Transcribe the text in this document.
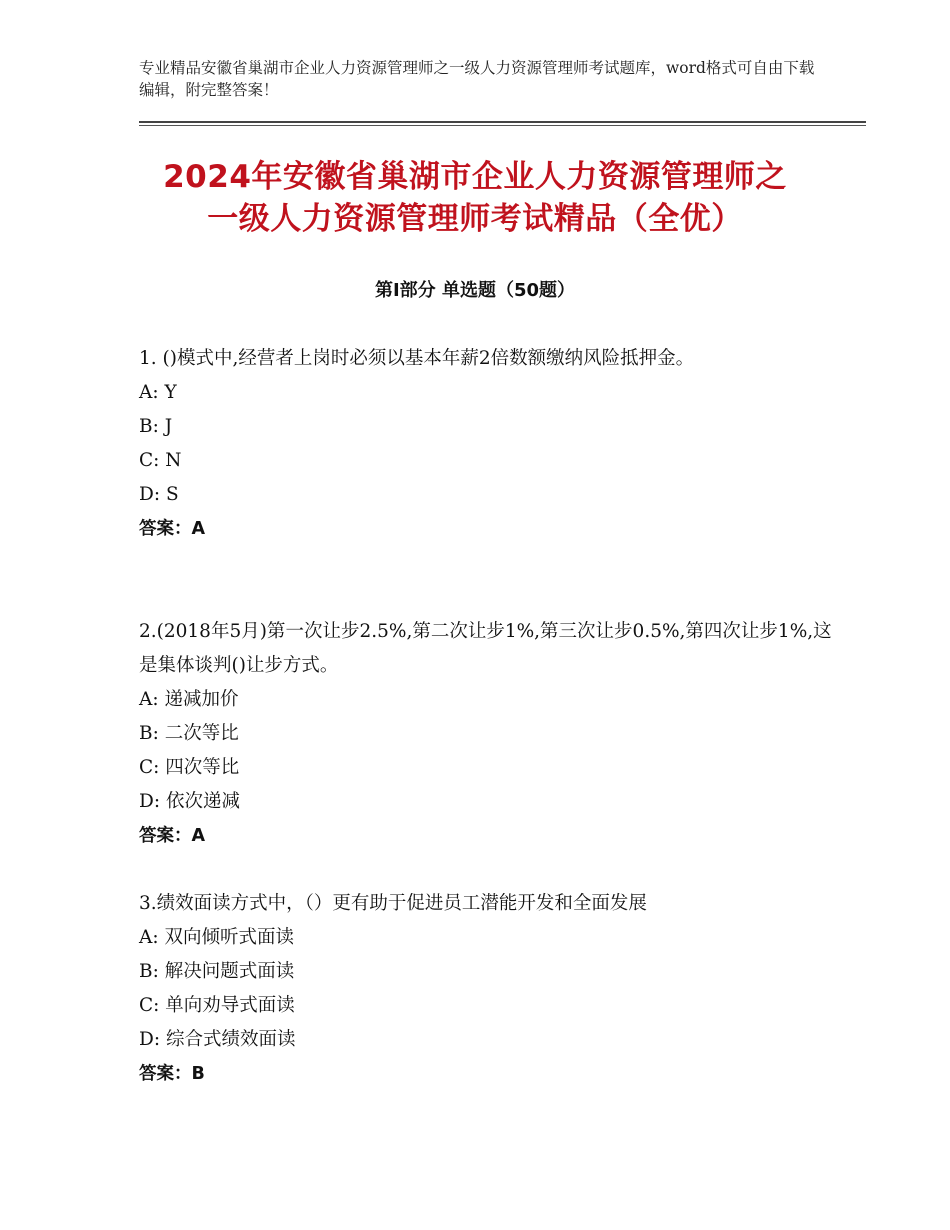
专业精品安徽省巢湖市企业人力资源管理师之一级人力资源管理师考试题库，word格式可自由下载编辑，附完整答案！
2024年安徽省巢湖市企业人力资源管理师之
一级人力资源管理师考试精品（全优）
第Ⅰ部分 单选题（50题）
1. ()模式中,经营者上岗时必须以基本年薪2倍数额缴纳风险抵押金。
A: Y
B: J
C: N
D: S
答案：A
2.(2018年5月)第一次让步2.5%,第二次让步1%,第三次让步0.5%,第四次让步1%,这是集体谈判()让步方式。
A: 递减加价
B: 二次等比
C: 四次等比
D: 依次递减
答案：A
3.绩效面读方式中，（）更有助于促进员工潜能开发和全面发展
A: 双向倾听式面读
B: 解决问题式面读
C: 单向劝导式面读
D: 综合式绩效面读
答案：B
